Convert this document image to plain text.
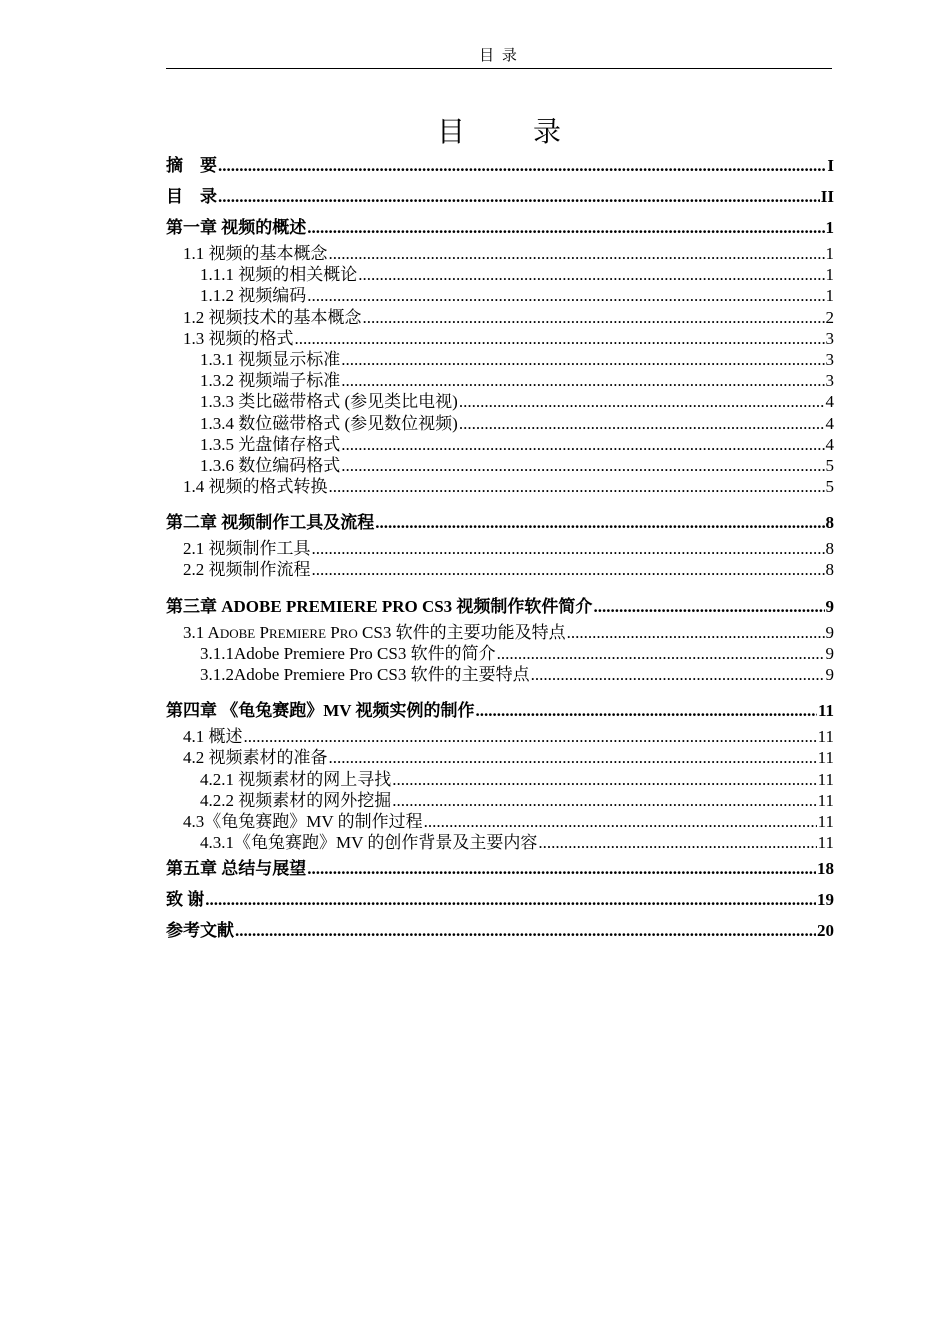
目 录
目　录
摘　要 .....	I
目　录 .....	II
第一章 视频的概述 .....	1
1.1 视频的基本概念 .....	1
1.1.1 视频的相关概论 .....	1
1.1.2 视频编码 .....	1
1.2 视频技术的基本概念 .....	2
1.3 视频的格式 .....	3
1.3.1 视频显示标准 .....	3
1.3.2 视频端子标准 .....	3
1.3.3 类比磁带格式 (参见类比电视) .....	4
1.3.4 数位磁带格式 (参见数位视频) .....	4
1.3.5 光盘储存格式 .....	4
1.3.6 数位编码格式 .....	5
1.4 视频的格式转换 .....	5
第二章 视频制作工具及流程 .....	8
2.1 视频制作工具 .....	8
2.2 视频制作流程 .....	8
第三章 ADOBE PREMIERE PRO CS3 视频制作软件简介 .....	9
3.1 ADOBE PREMIERE PRO CS3 软件的主要功能及特点 .....	9
3.1.1Adobe Premiere Pro CS3 软件的简介 .....	9
3.1.2Adobe Premiere Pro CS3 软件的主要特点 .....	9
第四章 《龟兔赛跑》MV 视频实例的制作 .....	11
4.1 概述 .....	11
4.2 视频素材的准备 .....	11
4.2.1 视频素材的网上寻找 .....	11
4.2.2 视频素材的网外挖掘 .....	11
4.3《龟兔赛跑》MV 的制作过程 .....	11
4.3.1《龟兔赛跑》MV 的创作背景及主要内容 .....	11
第五章 总结与展望 .....	18
致 谢 .....	19
参考文献 .....	20
